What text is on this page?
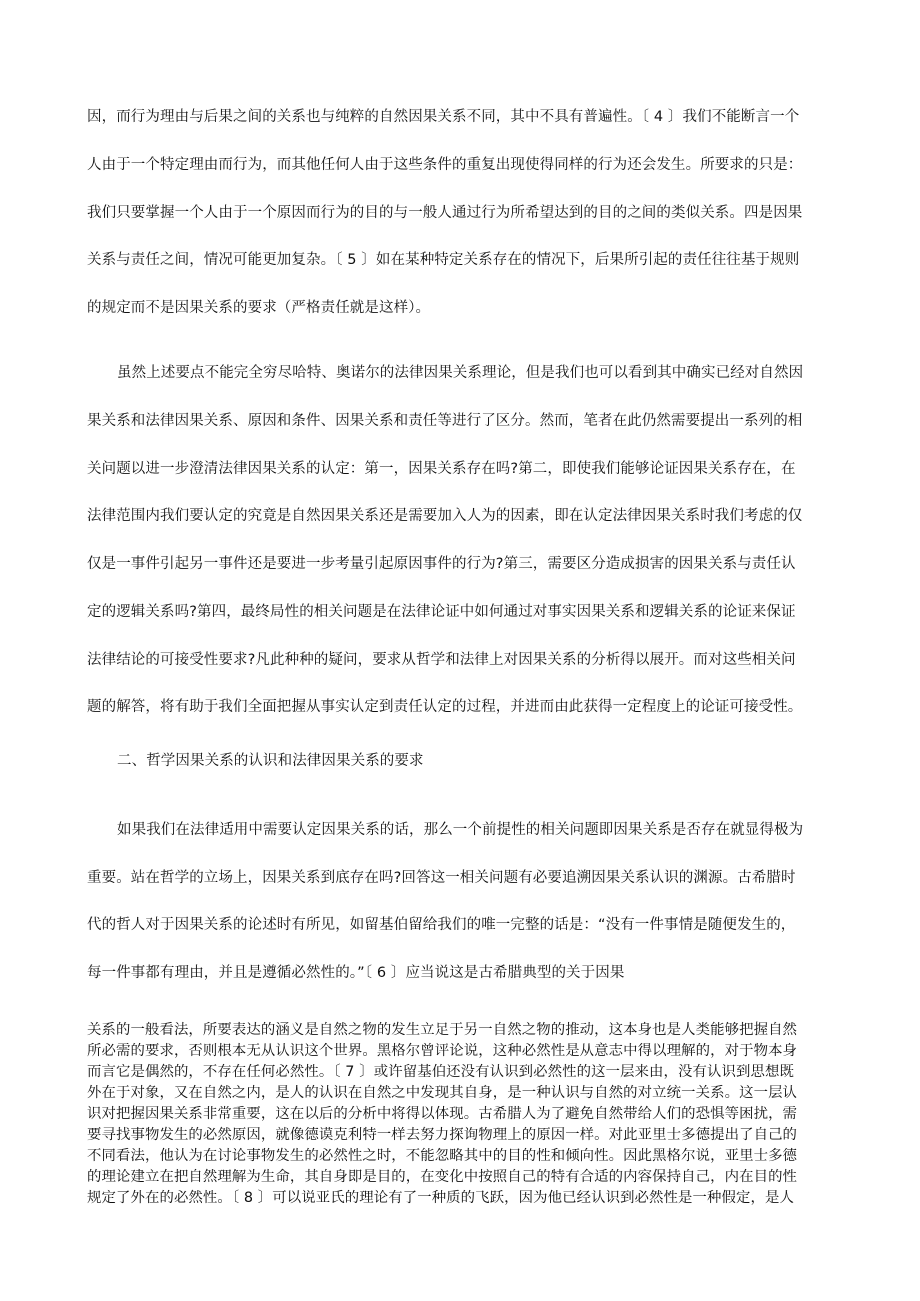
因，而行为理由与后果之间的关系也与纯粹的自然因果关系不同，其中不具有普遍性。〔 4 〕我们不能断言一个
人由于一个特定理由而行为，而其他任何人由于这些条件的重复出现使得同样的行为还会发生。所要求的只是：
我们只要掌握一个人由于一个原因而行为的目的与一般人通过行为所希望达到的目的之间的类似关系。四是因果
关系与责任之间，情况可能更加复杂。〔 5 〕如在某种特定关系存在的情况下，后果所引起的责任往往基于规则
的规定而不是因果关系的要求（严格责任就是这样）。
虽然上述要点不能完全穷尽哈特、奥诺尔的法律因果关系理论，但是我们也可以看到其中确实已经对自然因
果关系和法律因果关系、原因和条件、因果关系和责任等进行了区分。然而，笔者在此仍然需要提出一系列的相
关问题以进一步澄清法律因果关系的认定：第一，因果关系存在吗?第二，即使我们能够论证因果关系存在，在
法律范围内我们要认定的究竟是自然因果关系还是需要加入人为的因素，即在认定法律因果关系时我们考虑的仅
仅是一事件引起另一事件还是要进一步考量引起原因事件的行为?第三，需要区分造成损害的因果关系与责任认
定的逻辑关系吗?第四，最终局性的相关问题是在法律论证中如何通过对事实因果关系和逻辑关系的论证来保证
法律结论的可接受性要求?凡此种种的疑问，要求从哲学和法律上对因果关系的分析得以展开。而对这些相关问
题的解答，将有助于我们全面把握从事实认定到责任认定的过程，并进而由此获得一定程度上的论证可接受性。
二、哲学因果关系的认识和法律因果关系的要求
如果我们在法律适用中需要认定因果关系的话，那么一个前提性的相关问题即因果关系是否存在就显得极为
重要。站在哲学的立场上，因果关系到底存在吗?回答这一相关问题有必要追溯因果关系认识的渊源。古希腊时
代的哲人对于因果关系的论述时有所见，如留基伯留给我们的唯一完整的话是：“没有一件事情是随便发生的，
每一件事都有理由，并且是遵循必然性的。”〔 6 〕应当说这是古希腊典型的关于因果
关系的一般看法，所要表达的涵义是自然之物的发生立足于另一自然之物的推动，这本身也是人类能够把握自然
所必需的要求，否则根本无从认识这个世界。黑格尔曾评论说，这种必然性是从意志中得以理解的，对于物本身
而言它是偶然的，不存在任何必然性。〔 7 〕或许留基伯还没有认识到必然性的这一层来由，没有认识到思想既
外在于对象，又在自然之内，是人的认识在自然之中发现其自身，是一种认识与自然的对立统一关系。这一层认
识对把握因果关系非常重要，这在以后的分析中将得以体现。古希腊人为了避免自然带给人们的恐惧等困扰，需
要寻找事物发生的必然原因，就像德谟克利特一样去努力探询物理上的原因一样。对此亚里士多德提出了自己的
不同看法，他认为在讨论事物发生的必然性之时，不能忽略其中的目的性和倾向性。因此黑格尔说，亚里士多德
的理论建立在把自然理解为生命，其自身即是目的，在变化中按照自己的特有合适的内容保持自己，内在目的性
规定了外在的必然性。〔 8 〕可以说亚氏的理论有了一种质的飞跃，因为他已经认识到必然性是一种假定，是人
